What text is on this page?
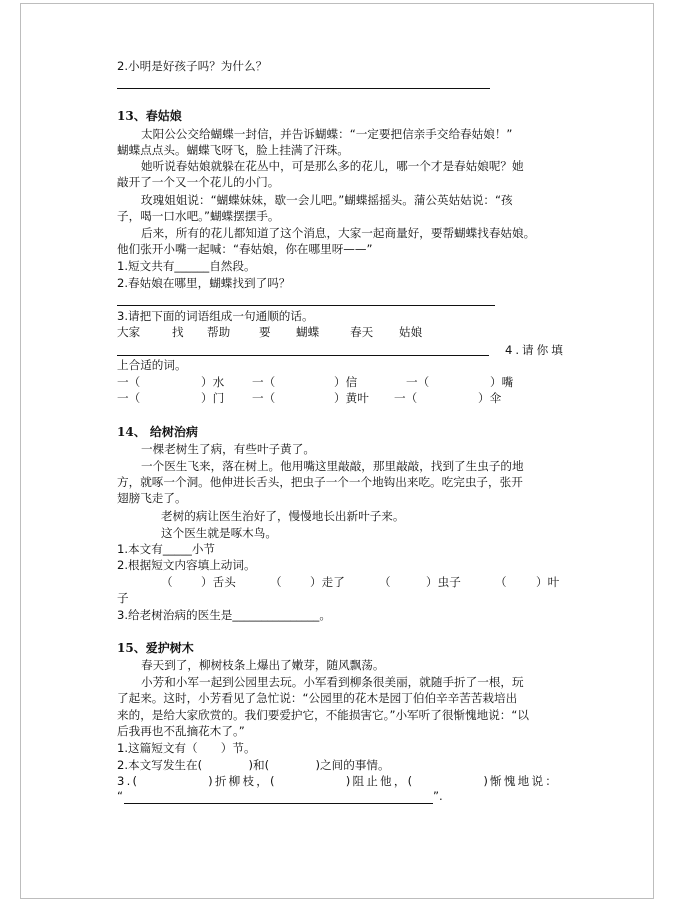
2.小明是好孩子吗？为什么？
13、春姑娘
太阳公公交给蝴蝶一封信，并告诉蝴蝶：“一定要把信亲手交给春姑娘！”
蝴蝶点点头。蝴蝶飞呀飞，脸上挂满了汗珠。
她听说春姑娘就躲在花丛中，可是那么多的花儿，哪一个才是春姑娘呢？她
敲开了一个又一个花儿的小门。
玫瑰姐姐说：“蝴蝶妹妹，歇一会儿吧。”蝴蝶摇摇头。蒲公英姑姑说：“孩
子，喝一口水吧。”蝴蝶摆摆手。
后来，所有的花儿都知道了这个消息，大家一起商量好，要帮蝴蝶找春姑娘。
他们张开小嘴一起喊：“春姑娘，你在哪里呀——”
1.短文共有______自然段。
2.春姑娘在哪里，蝴蝶找到了吗？
3.请把下面的词语组成一句通顺的话。
大家	找 帮助 要 蝴蝶	春天 姑娘
4.请你填
上合适的词。
一（	）水 一（	）信	一（	）嘴
一（	）门 一（	）黄叶 一（	）伞
14、 给树治病
一棵老树生了病，有些叶子黄了。
一个医生飞来，落在树上。他用嘴这里敲敲，那里敲敲，找到了生虫子的地
方，就啄一个洞。他伸进长舌头，把虫子一个一个地钩出来吃。吃完虫子，张开
翅膀飞走了。
老树的病让医生治好了，慢慢地长出新叶子来。
这个医生就是啄木鸟。
1.本文有_____小节
2.根据短文内容填上动词。
（ ）舌头	（ ）走了	（	）虫子	（	）叶
子
3.给老树治病的医生是_______________。
15、爱护树木
春天到了，柳树枝条上爆出了嫩芽，随风飘荡。
小芳和小军一起到公园里去玩。小军看到柳条很美丽，就随手折了一根，玩
了起来。这时，小芳看见了急忙说：“公园里的花木是园丁伯伯辛辛苦苦栽培出
来的，是给大家欣赏的。我们要爱护它，不能损害它。”小军听了很惭愧地说：“以
后我再也不乱摘花木了。”
1.这篇短文有（　　）节。
2.本文写发生在(　　　　)和(　　　　)之间的事情。
3.(　　　　　)折柳枝，(　　　　　)阻止他，(　　　　　)惭愧地说：
“	”.
